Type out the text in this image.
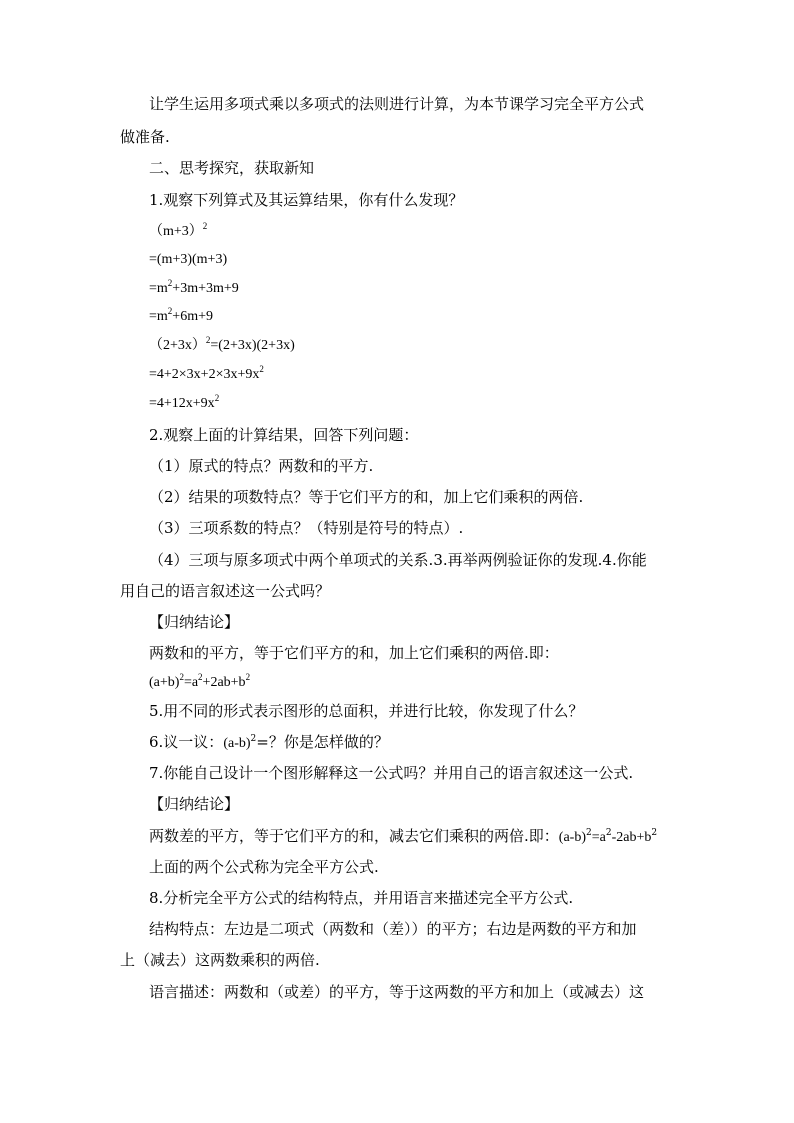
让学生运用多项式乘以多项式的法则进行计算，为本节课学习完全平方公式
做准备.
二、思考探究，获取新知
1.观察下列算式及其运算结果，你有什么发现？
$(m+3)^2$
=(m+3)(m+3)
$=m^2+3m+3m+9$
$=m^2+6m+9$
$(2+3x)^2=(2+3x)(2+3x)$
$=4+2\times 3x+2\times 3x+9x^2$
$=4+12x+9x^2$
2.观察上面的计算结果，回答下列问题：
（1）原式的特点？两数和的平方.
（2）结果的项数特点？等于它们平方的和，加上它们乘积的两倍.
（3）三项系数的特点？（特别是符号的特点）.
（4）三项与原多项式中两个单项式的关系.3.再举两例验证你的发现.4.你能
用自己的语言叙述这一公式吗？
【归纳结论】
两数和的平方，等于它们平方的和，加上它们乘积的两倍.即：
$(a+b)^2=a^2+2ab+b^2$
5.用不同的形式表示图形的总面积，并进行比较，你发现了什么？
6.议一议：$(a-b)^2=$？你是怎样做的？
7.你能自己设计一个图形解释这一公式吗？并用自己的语言叙述这一公式.
【归纳结论】
两数差的平方，等于它们平方的和，减去它们乘积的两倍.即：$(a-b)^2=a^2-2ab+b^2$
上面的两个公式称为完全平方公式.
8.分析完全平方公式的结构特点，并用语言来描述完全平方公式.
结构特点：左边是二项式（两数和（差））的平方；右边是两数的平方和加
上（减去）这两数乘积的两倍.
语言描述：两数和（或差）的平方，等于这两数的平方和加上（或减去）这
